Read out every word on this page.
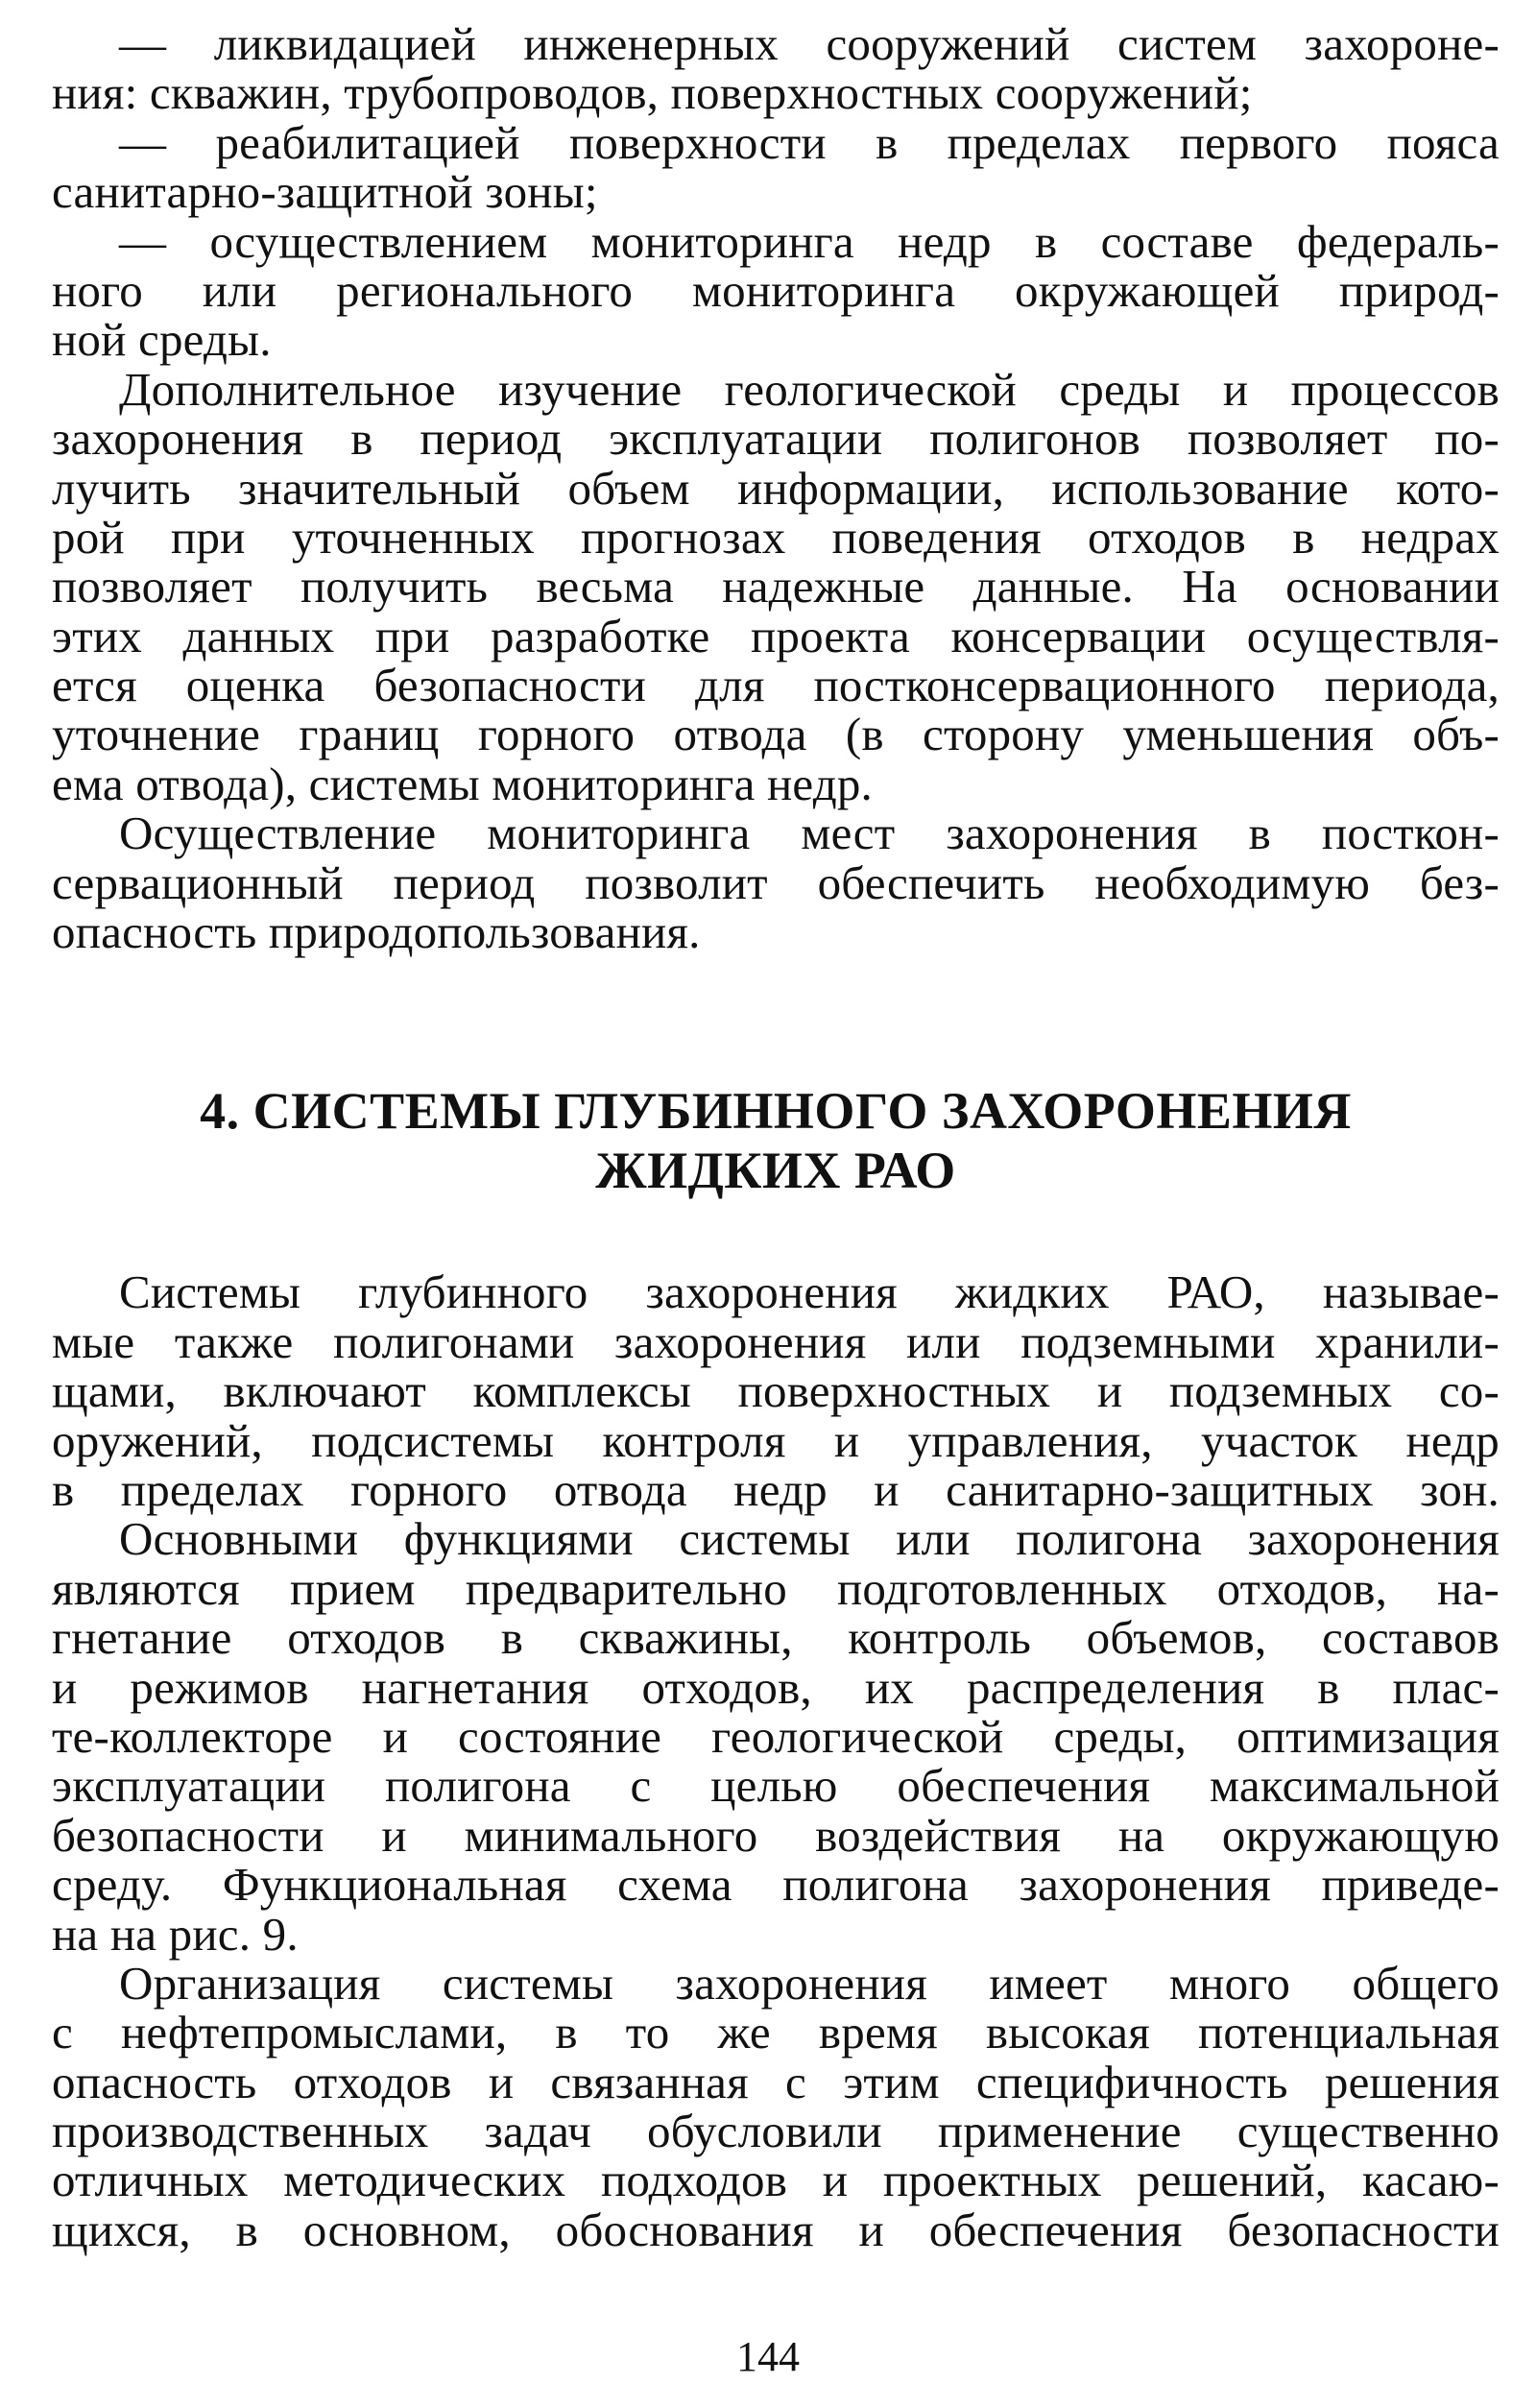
— ликвидацией инженерных сооружений систем захороне-
ния: скважин, трубопроводов, поверхностных сооружений;
— реабилитацией поверхности в пределах первого пояса
санитарно-защитной зоны;
— осуществлением мониторинга недр в составе федераль-
ного или регионального мониторинга окружающей природ-
ной среды.
Дополнительное изучение геологической среды и процессов
захоронения в период эксплуатации полигонов позволяет по-
лучить значительный объем информации, использование кото-
рой при уточненных прогнозах поведения отходов в недрах
позволяет получить весьма надежные данные. На основании
этих данных при разработке проекта консервации осуществля-
ется оценка безопасности для постконсервационного периода,
уточнение границ горного отвода (в сторону уменьшения объ-
ема отвода), системы мониторинга недр.
Осуществление мониторинга мест захоронения в посткон-
сервационный период позволит обеспечить необходимую без-
опасность природопользования.
4. СИСТЕМЫ ГЛУБИННОГО ЗАХОРОНЕНИЯ
ЖИДКИХ РАО
Системы глубинного захоронения жидких РАО, называе-
мые также полигонами захоронения или подземными хранили-
щами, включают комплексы поверхностных и подземных со-
оружений, подсистемы контроля и управления, участок недр
в пределах горного отвода недр и санитарно-защитных зон.
Основными функциями системы или полигона захоронения
являются прием предварительно подготовленных отходов, на-
гнетание отходов в скважины, контроль объемов, составов
и режимов нагнетания отходов, их распределения в плас-
те-коллекторе и состояние геологической среды, оптимизация
эксплуатации полигона с целью обеспечения максимальной
безопасности и минимального воздействия на окружающую
среду. Функциональная схема полигона захоронения приведе-
на на рис. 9.
Организация системы захоронения имеет много общего
с нефтепромыслами, в то же время высокая потенциальная
опасность отходов и связанная с этим специфичность решения
производственных задач обусловили применение существенно
отличных методических подходов и проектных решений, касаю-
щихся, в основном, обоснования и обеспечения безопасности
144
